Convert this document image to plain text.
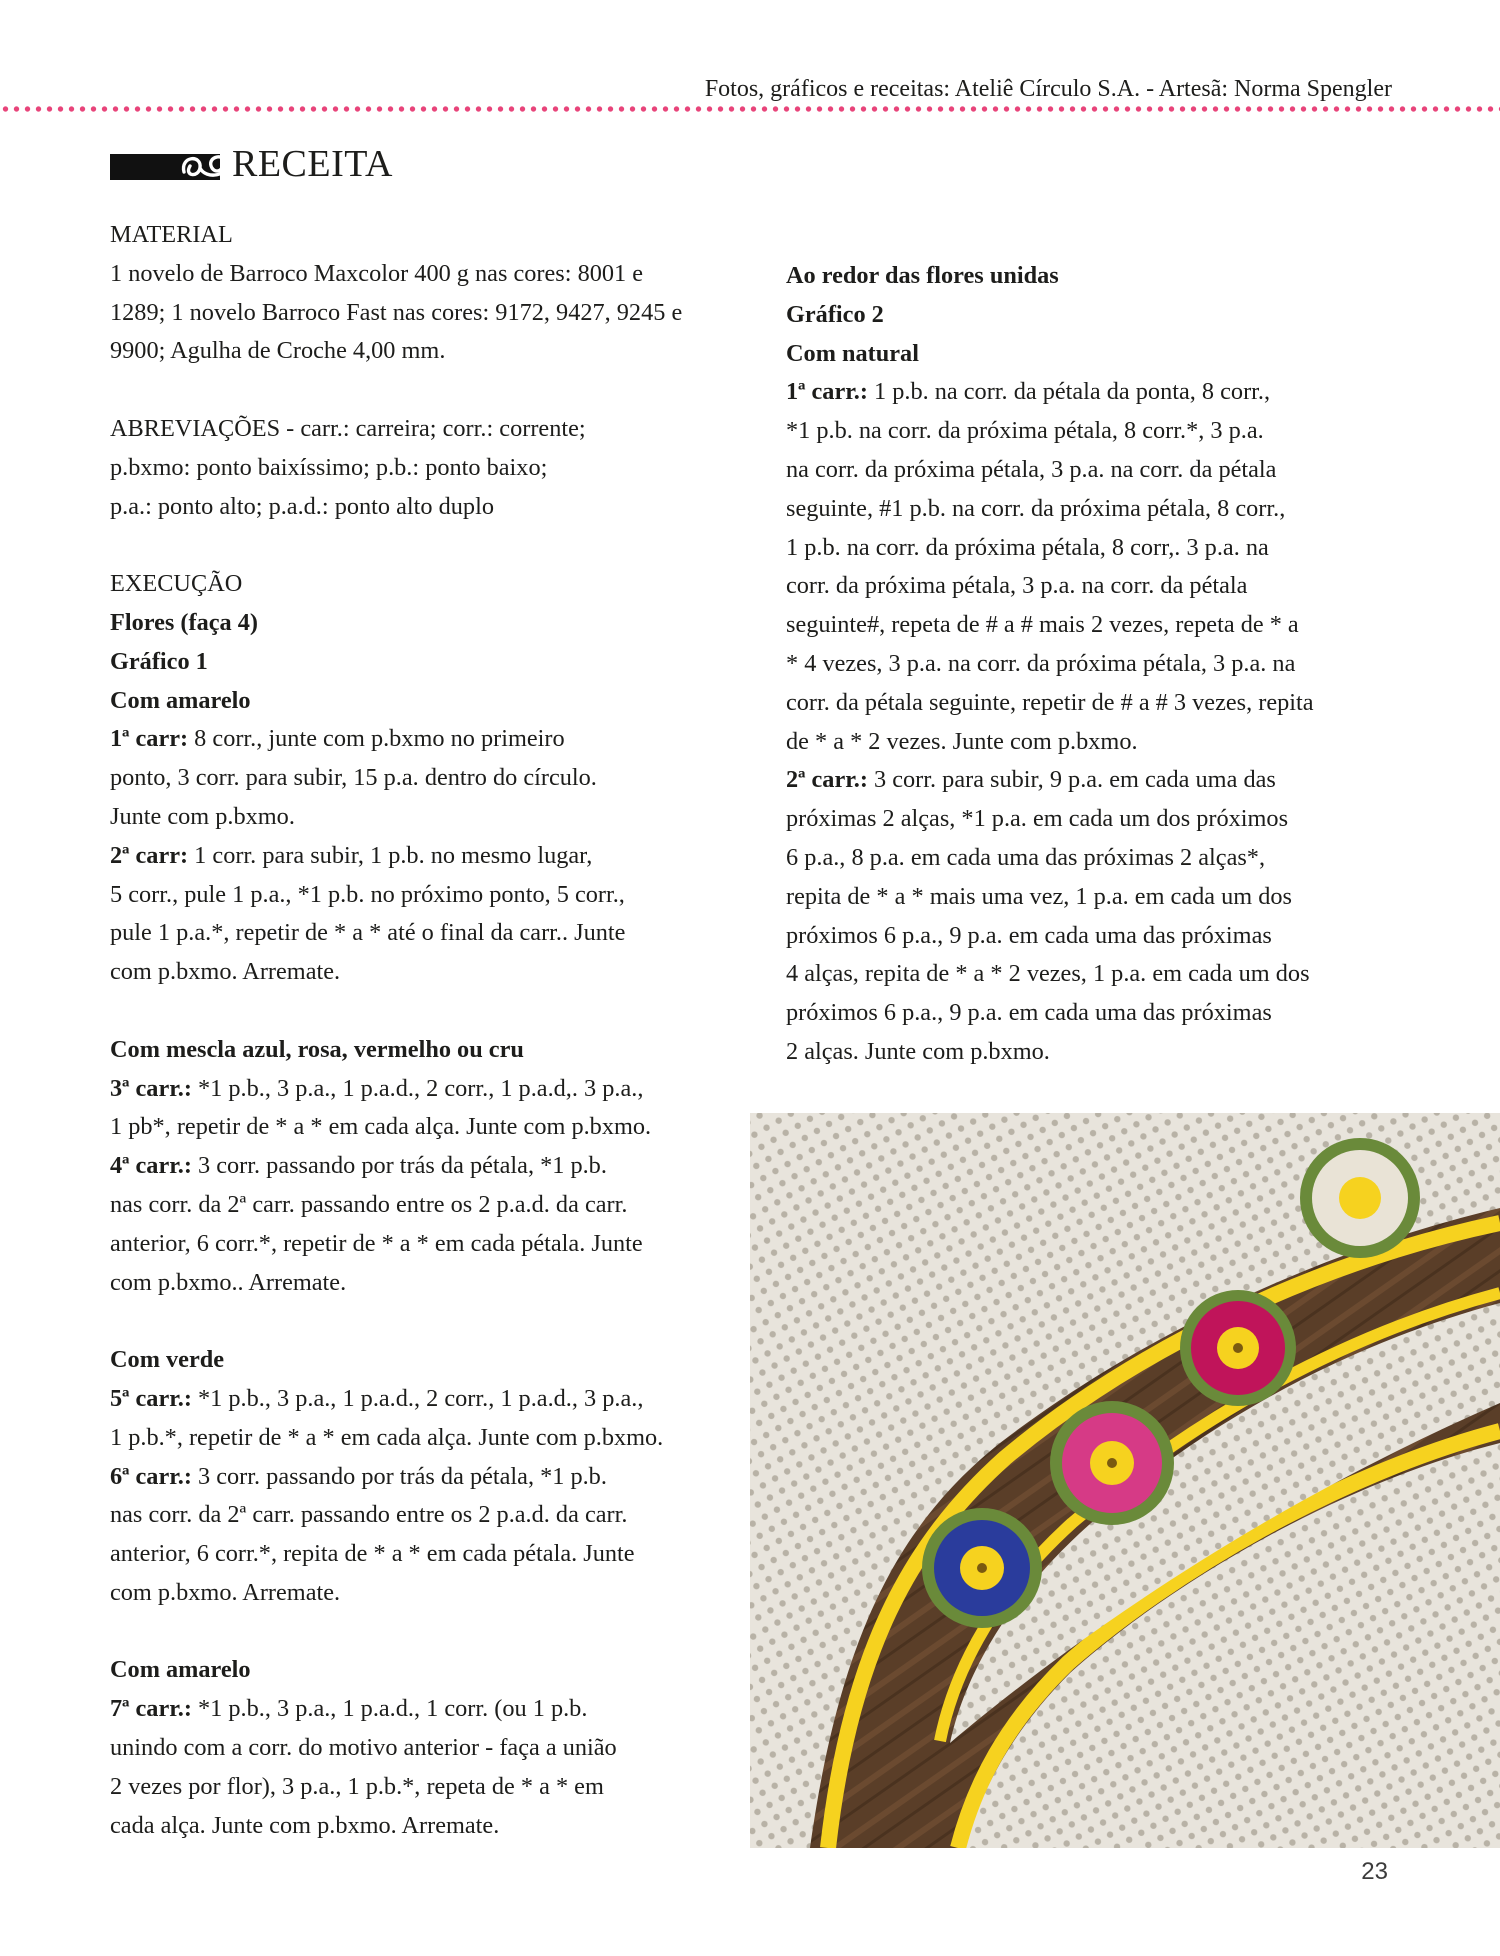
Fotos, gráficos e receitas: Ateliê Círculo S.A. - Artesã: Norma Spengler
RECEITA

MATERIAL

1 novelo de Barroco Maxcolor 400 g nas cores: 8001 e

1289; 1 novelo Barroco Fast nas cores: 9172, 9427, 9245 e

9900; Agulha de Croche 4,00 mm.

ABREVIAÇÕES - carr.: carreira; corr.: corrente;

p.bxmo: ponto baixíssimo; p.b.: ponto baixo;

p.a.: ponto alto; p.a.d.: ponto alto duplo

EXECUÇÃO

Flores (faça 4)

Gráfico 1

Com amarelo

1ª carr: 8 corr., junte com p.bxmo no primeiro

ponto, 3 corr. para subir, 15 p.a. dentro do círculo.

Junte com p.bxmo.

2ª carr: 1 corr. para subir, 1 p.b. no mesmo lugar,

5 corr., pule 1 p.a., *1 p.b. no próximo ponto, 5 corr.,

pule 1 p.a.*, repetir de * a * até o final da carr.. Junte

com p.bxmo. Arremate.

Com mescla azul, rosa, vermelho ou cru

3ª carr.: *1 p.b., 3 p.a., 1 p.a.d., 2 corr., 1 p.a.d,. 3 p.a.,

1 pb*, repetir de * a * em cada alça. Junte com p.bxmo.

4ª carr.: 3 corr. passando por trás da pétala, *1 p.b.

nas corr. da 2ª carr. passando entre os 2 p.a.d. da carr.

anterior, 6 corr.*, repetir de * a * em cada pétala. Junte

com p.bxmo.. Arremate.

Com verde

5ª carr.: *1 p.b., 3 p.a., 1 p.a.d., 2 corr., 1 p.a.d., 3 p.a.,

1 p.b.*, repetir de * a * em cada alça. Junte com p.bxmo.

6ª carr.: 3 corr. passando por trás da pétala, *1 p.b.

nas corr. da 2ª carr. passando entre os 2 p.a.d. da carr.

anterior, 6 corr.*, repita de * a * em cada pétala. Junte

com p.bxmo. Arremate.

Com amarelo

7ª carr.: *1 p.b., 3 p.a., 1 p.a.d., 1 corr. (ou 1 p.b.

unindo com a corr. do motivo anterior - faça a união

2 vezes por flor), 3 p.a., 1 p.b.*, repeta de * a * em

cada alça. Junte com p.bxmo. Arremate.

Ao redor das flores unidas

Gráfico 2

Com natural

1ª carr.: 1 p.b. na corr. da pétala da ponta, 8 corr.,

*1 p.b. na corr. da próxima pétala, 8 corr.*, 3 p.a.

na corr. da próxima pétala, 3 p.a. na corr. da pétala

seguinte, #1 p.b. na corr. da próxima pétala, 8 corr.,

1 p.b. na corr. da próxima pétala, 8 corr,. 3 p.a. na

corr. da próxima pétala, 3 p.a. na corr. da pétala

seguinte#, repeta de # a # mais 2 vezes, repeta de * a

* 4 vezes, 3 p.a. na corr. da próxima pétala, 3 p.a. na

corr. da pétala seguinte, repetir de # a # 3 vezes, repita

de * a * 2 vezes. Junte com p.bxmo.

2ª carr.: 3 corr. para subir, 9 p.a. em cada uma das

próximas 2 alças, *1 p.a. em cada um dos próximos

6 p.a., 8 p.a. em cada uma das próximas 2 alças*,

repita de * a * mais uma vez, 1 p.a. em cada um dos

próximos 6 p.a., 9 p.a. em cada uma das próximas

4 alças, repita de * a * 2 vezes, 1 p.a. em cada um dos

próximos 6 p.a., 9 p.a. em cada uma das próximas

2 alças. Junte com p.bxmo.

23
